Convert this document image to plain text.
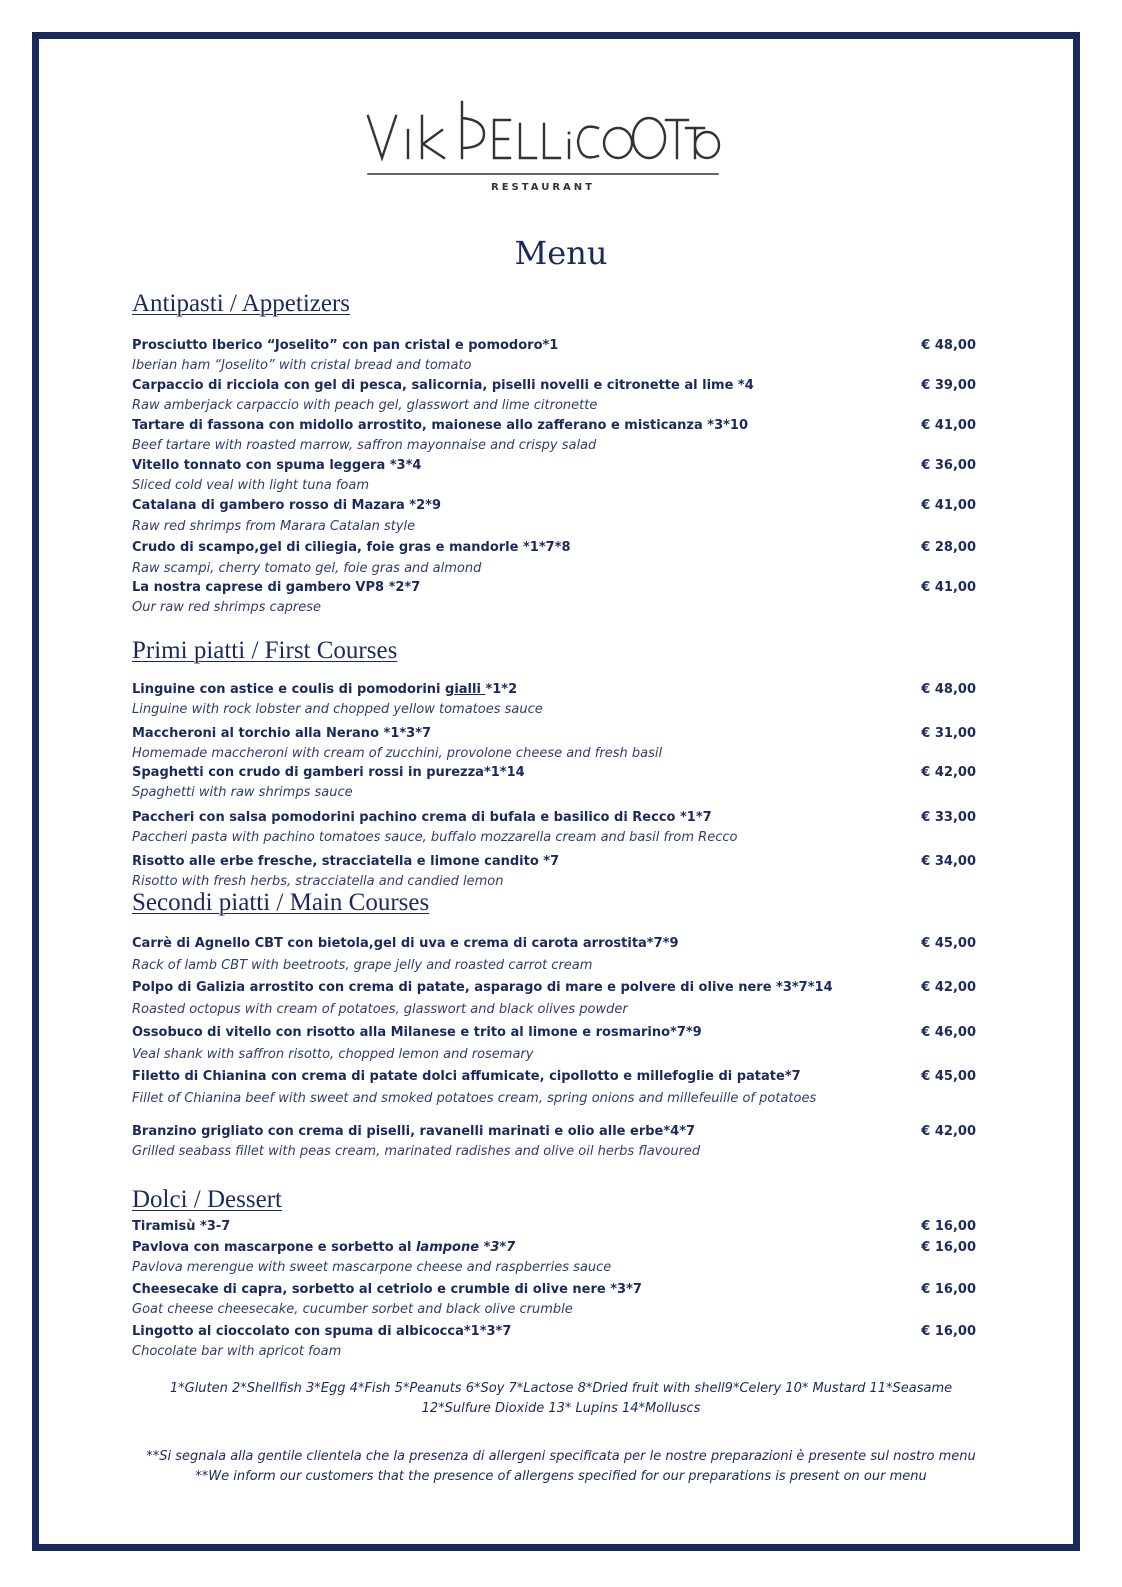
RESTAURANT
Menu
Antipasti / Appetizers
Prosciutto Iberico “Joselito” con pan cristal e pomodoro*1	€ 48,00
Iberian ham “Joselito” with cristal bread and tomato
Carpaccio di ricciola con gel di pesca, salicornia, piselli novelli e citronette al lime *4	€ 39,00
Raw amberjack carpaccio with peach gel, glasswort and lime citronette
Tartare di fassona con midollo arrostito, maionese allo zafferano e misticanza *3*10	€ 41,00
Beef tartare with roasted marrow, saffron mayonnaise and crispy salad
Vitello tonnato con spuma leggera *3*4	€ 36,00
Sliced cold veal with light tuna foam
Catalana di gambero rosso di Mazara *2*9	€ 41,00
Raw red shrimps from Marara Catalan style
Crudo di scampo,gel di ciliegia, foie gras e mandorle *1*7*8	€ 28,00
Raw scampi, cherry tomato gel, foie gras and almond
La nostra caprese di gambero VP8 *2*7	€ 41,00
Our raw red shrimps caprese
Primi piatti / First Courses
Linguine con astice e coulis di pomodorini gialli *1*2	€ 48,00
Linguine with rock lobster and chopped yellow tomatoes sauce
Maccheroni al torchio alla Nerano *1*3*7	€ 31,00
Homemade maccheroni with cream of zucchini, provolone cheese and fresh basil
Spaghetti con crudo di gamberi rossi in purezza*1*14	€ 42,00
Spaghetti with raw shrimps sauce
Paccheri con salsa pomodorini pachino crema di bufala e basilico di Recco *1*7	€ 33,00
Paccheri pasta with pachino tomatoes sauce, buffalo mozzarella cream and basil from Recco
Risotto alle erbe fresche, stracciatella e limone candito *7	€ 34,00
Risotto with fresh herbs, stracciatella and candied lemon
Secondi piatti / Main Courses
Carrè di Agnello CBT con bietola,gel di uva e crema di carota arrostita*7*9	€ 45,00
Rack of lamb CBT with beetroots, grape jelly and roasted carrot cream
Polpo di Galizia arrostito con crema di patate, asparago di mare e polvere di olive nere *3*7*14	€ 42,00
Roasted octopus with cream of potatoes, glasswort and black olives powder
Ossobuco di vitello con risotto alla Milanese e trito al limone e rosmarino*7*9	€ 46,00
Veal shank with saffron risotto, chopped lemon and rosemary
Filetto di Chianina con crema di patate dolci affumicate, cipollotto e millefoglie di patate*7	€ 45,00
Fillet of Chianina beef with sweet and smoked potatoes cream, spring onions and millefeuille of potatoes
Branzino grigliato con crema di piselli, ravanelli marinati e olio alle erbe*4*7	€ 42,00
Grilled seabass fillet with peas cream, marinated radishes and olive oil herbs flavoured
Dolci / Dessert
Tiramisù *3-7	€ 16,00
Pavlova con mascarpone e sorbetto al lampone *3*7	€ 16,00
Pavlova merengue with sweet mascarpone cheese and raspberries sauce
Cheesecake di capra, sorbetto al cetriolo e crumble di olive nere *3*7	€ 16,00
Goat cheese cheesecake, cucumber sorbet and black olive crumble
Lingotto al cioccolato con spuma di albicocca*1*3*7	€ 16,00
Chocolate bar with apricot foam
1*Gluten 2*Shellfish 3*Egg 4*Fish 5*Peanuts 6*Soy 7*Lactose 8*Dried fruit with shell9*Celery 10* Mustard 11*Seasame
12*Sulfure Dioxide 13* Lupins 14*Molluscs
**Si segnala alla gentile clientela che la presenza di allergeni specificata per le nostre preparazioni è presente sul nostro menu
**We inform our customers that the presence of allergens specified for our preparations is present on our menu
